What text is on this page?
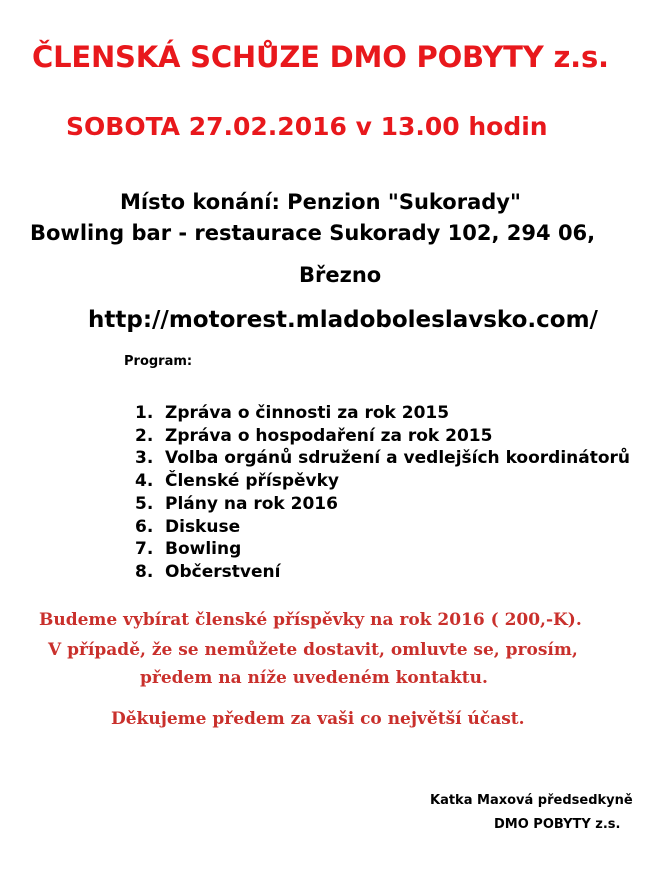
ČLENSKÁ SCHŮZE DMO POBYTY z.s.
SOBOTA 27.02.2016 v 13.00 hodin
Místo konání: Penzion "Sukorady"
Bowling bar - restaurace Sukorady 102, 294 06,
Březno
http://motorest.mladoboleslavsko.com/
Program:
1. Zpráva o činnosti za rok 2015
2. Zpráva o hospodaření za rok 2015
3. Volba orgánů sdružení a vedlejších koordinátorů
4. Členské příspěvky
5. Plány na rok 2016
6. Diskuse
7. Bowling
8. Občerstvení
Budeme vybírat členské příspěvky na rok 2016 ( 200,-K).
V případě, že se nemůžete dostavit, omluvte se, prosím,
předem na níže uvedeném kontaktu.
Děkujeme předem za vaši co největší účast.
Katka Maxová předsedkyně
DMO POBYTY z.s.
